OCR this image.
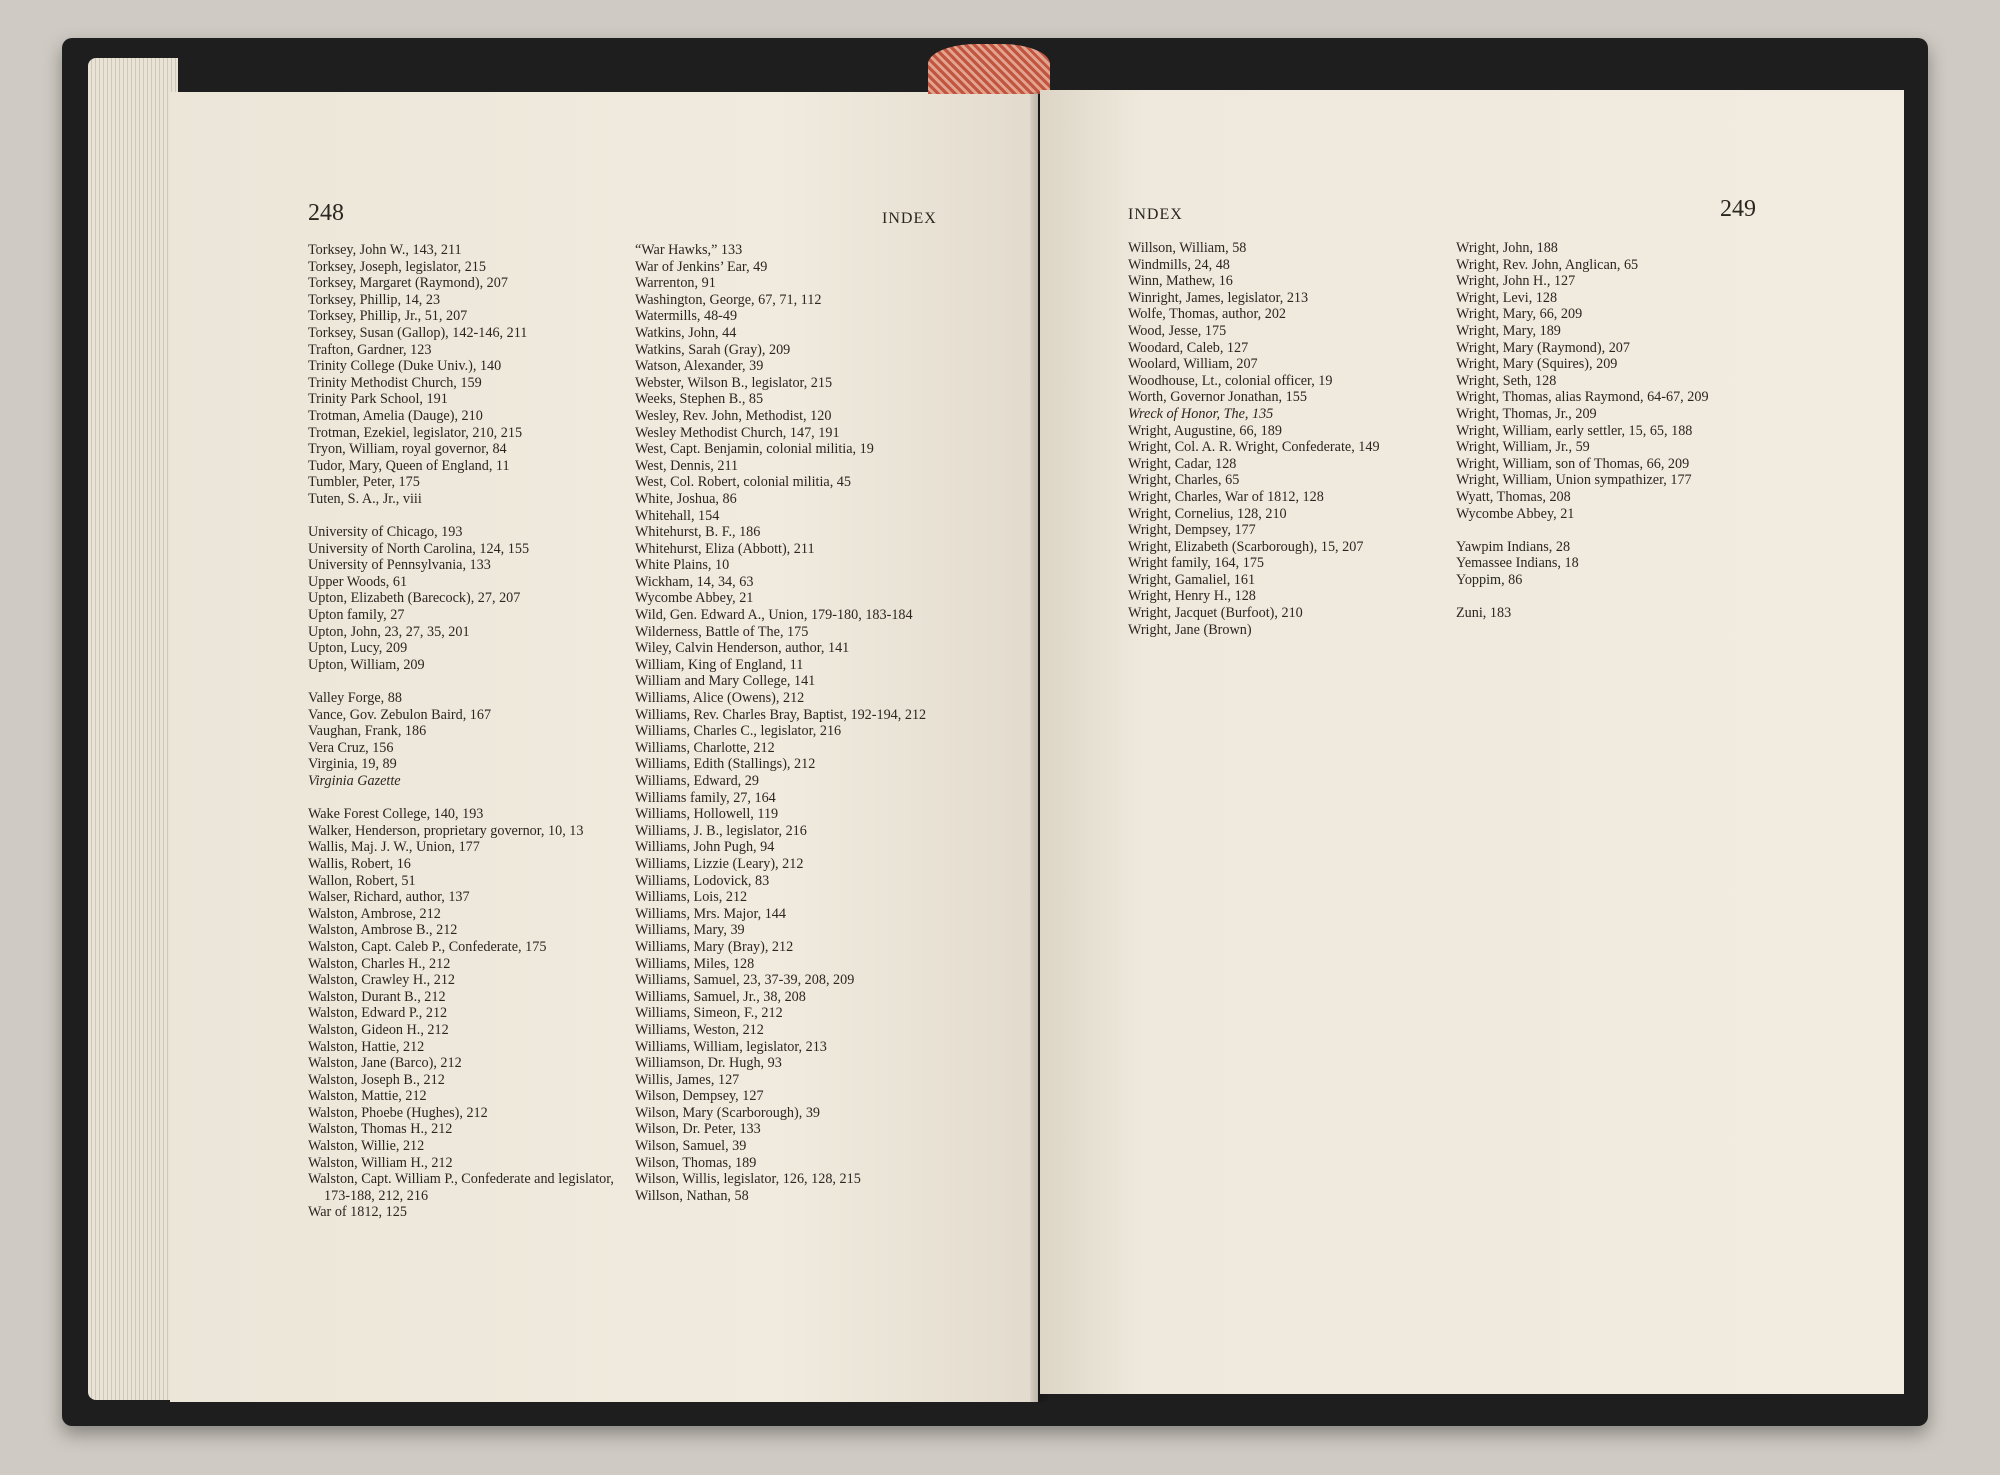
248	INDEX
Torksey, John W., 143, 211
Torksey, Joseph, legislator, 215
Torksey, Margaret (Raymond), 207
Torksey, Phillip, 14, 23
Torksey, Phillip, Jr., 51, 207
Torksey, Susan (Gallop), 142-146, 211
Trafton, Gardner, 123
Trinity College (Duke Univ.), 140
Trinity Methodist Church, 159
Trinity Park School, 191
Trotman, Amelia (Dauge), 210
Trotman, Ezekiel, legislator, 210, 215
Tryon, William, royal governor, 84
Tudor, Mary, Queen of England, 11
Tumbler, Peter, 175
Tuten, S. A., Jr., viii
University of Chicago, 193
University of North Carolina, 124, 155
University of Pennsylvania, 133
Upper Woods, 61
Upton, Elizabeth (Barecock), 27, 207
Upton family, 27
Upton, John, 23, 27, 35, 201
Upton, Lucy, 209
Upton, William, 209
Valley Forge, 88
Vance, Gov. Zebulon Baird, 167
Vaughan, Frank, 186
Vera Cruz, 156
Virginia, 19, 89
Virginia Gazette
Wake Forest College, 140, 193
Walker, Henderson, proprietary governor, 10, 13
Wallis, Maj. J. W., Union, 177
Wallis, Robert, 16
Wallon, Robert, 51
Walser, Richard, author, 137
Walston, Ambrose, 212
Walston, Ambrose B., 212
Walston, Capt. Caleb P., Confederate, 175
Walston, Charles H., 212
Walston, Crawley H., 212
Walston, Durant B., 212
Walston, Edward P., 212
Walston, Gideon H., 212
Walston, Hattie, 212
Walston, Jane (Barco), 212
Walston, Joseph B., 212
Walston, Mattie, 212
Walston, Phoebe (Hughes), 212
Walston, Thomas H., 212
Walston, Willie, 212
Walston, William H., 212
Walston, Capt. William P., Confederate and legislator, 173-188, 212, 216
War of 1812, 125
“War Hawks,” 133
War of Jenkins’ Ear, 49
Warrenton, 91
Washington, George, 67, 71, 112
Watermills, 48-49
Watkins, John, 44
Watkins, Sarah (Gray), 209
Watson, Alexander, 39
Webster, Wilson B., legislator, 215
Weeks, Stephen B., 85
Wesley, Rev. John, Methodist, 120
Wesley Methodist Church, 147, 191
West, Capt. Benjamin, colonial militia, 19
West, Dennis, 211
West, Col. Robert, colonial militia, 45
White, Joshua, 86
Whitehall, 154
Whitehurst, B. F., 186
Whitehurst, Eliza (Abbott), 211
White Plains, 10
Wickham, 14, 34, 63
Wycombe Abbey, 21
Wild, Gen. Edward A., Union, 179-180, 183-184
Wilderness, Battle of The, 175
Wiley, Calvin Henderson, author, 141
William, King of England, 11
William and Mary College, 141
Williams, Alice (Owens), 212
Williams, Rev. Charles Bray, Baptist, 192-194, 212
Williams, Charles C., legislator, 216
Williams, Charlotte, 212
Williams, Edith (Stallings), 212
Williams, Edward, 29
Williams family, 27, 164
Williams, Hollowell, 119
Williams, J. B., legislator, 216
Williams, John Pugh, 94
Williams, Lizzie (Leary), 212
Williams, Lodovick, 83
Williams, Lois, 212
Williams, Mrs. Major, 144
Williams, Mary, 39
Williams, Mary (Bray), 212
Williams, Miles, 128
Williams, Samuel, 23, 37-39, 208, 209
Williams, Samuel, Jr., 38, 208
Williams, Simeon, F., 212
Williams, Weston, 212
Williams, William, legislator, 213
Williamson, Dr. Hugh, 93
Willis, James, 127
Wilson, Dempsey, 127
Wilson, Mary (Scarborough), 39
Wilson, Dr. Peter, 133
Wilson, Samuel, 39
Wilson, Thomas, 189
Wilson, Willis, legislator, 126, 128, 215
Willson, Nathan, 58
INDEX	249
Willson, William, 58
Windmills, 24, 48
Winn, Mathew, 16
Winright, James, legislator, 213
Wolfe, Thomas, author, 202
Wood, Jesse, 175
Woodard, Caleb, 127
Woolard, William, 207
Woodhouse, Lt., colonial officer, 19
Worth, Governor Jonathan, 155
Wreck of Honor, The, 135
Wright, Augustine, 66, 189
Wright, Col. A. R. Wright, Confederate, 149
Wright, Cadar, 128
Wright, Charles, 65
Wright, Charles, War of 1812, 128
Wright, Cornelius, 128, 210
Wright, Dempsey, 177
Wright, Elizabeth (Scarborough), 15, 207
Wright family, 164, 175
Wright, Gamaliel, 161
Wright, Henry H., 128
Wright, Jacquet (Burfoot), 210
Wright, Jane (Brown)
Wright, John, 188
Wright, Rev. John, Anglican, 65
Wright, John H., 127
Wright, Levi, 128
Wright, Mary, 66, 209
Wright, Mary, 189
Wright, Mary (Raymond), 207
Wright, Mary (Squires), 209
Wright, Seth, 128
Wright, Thomas, alias Raymond, 64-67, 209
Wright, Thomas, Jr., 209
Wright, William, early settler, 15, 65, 188
Wright, William, Jr., 59
Wright, William, son of Thomas, 66, 209
Wright, William, Union sympathizer, 177
Wyatt, Thomas, 208
Wycombe Abbey, 21
Yawpim Indians, 28
Yemassee Indians, 18
Yoppim, 86
Zuni, 183
